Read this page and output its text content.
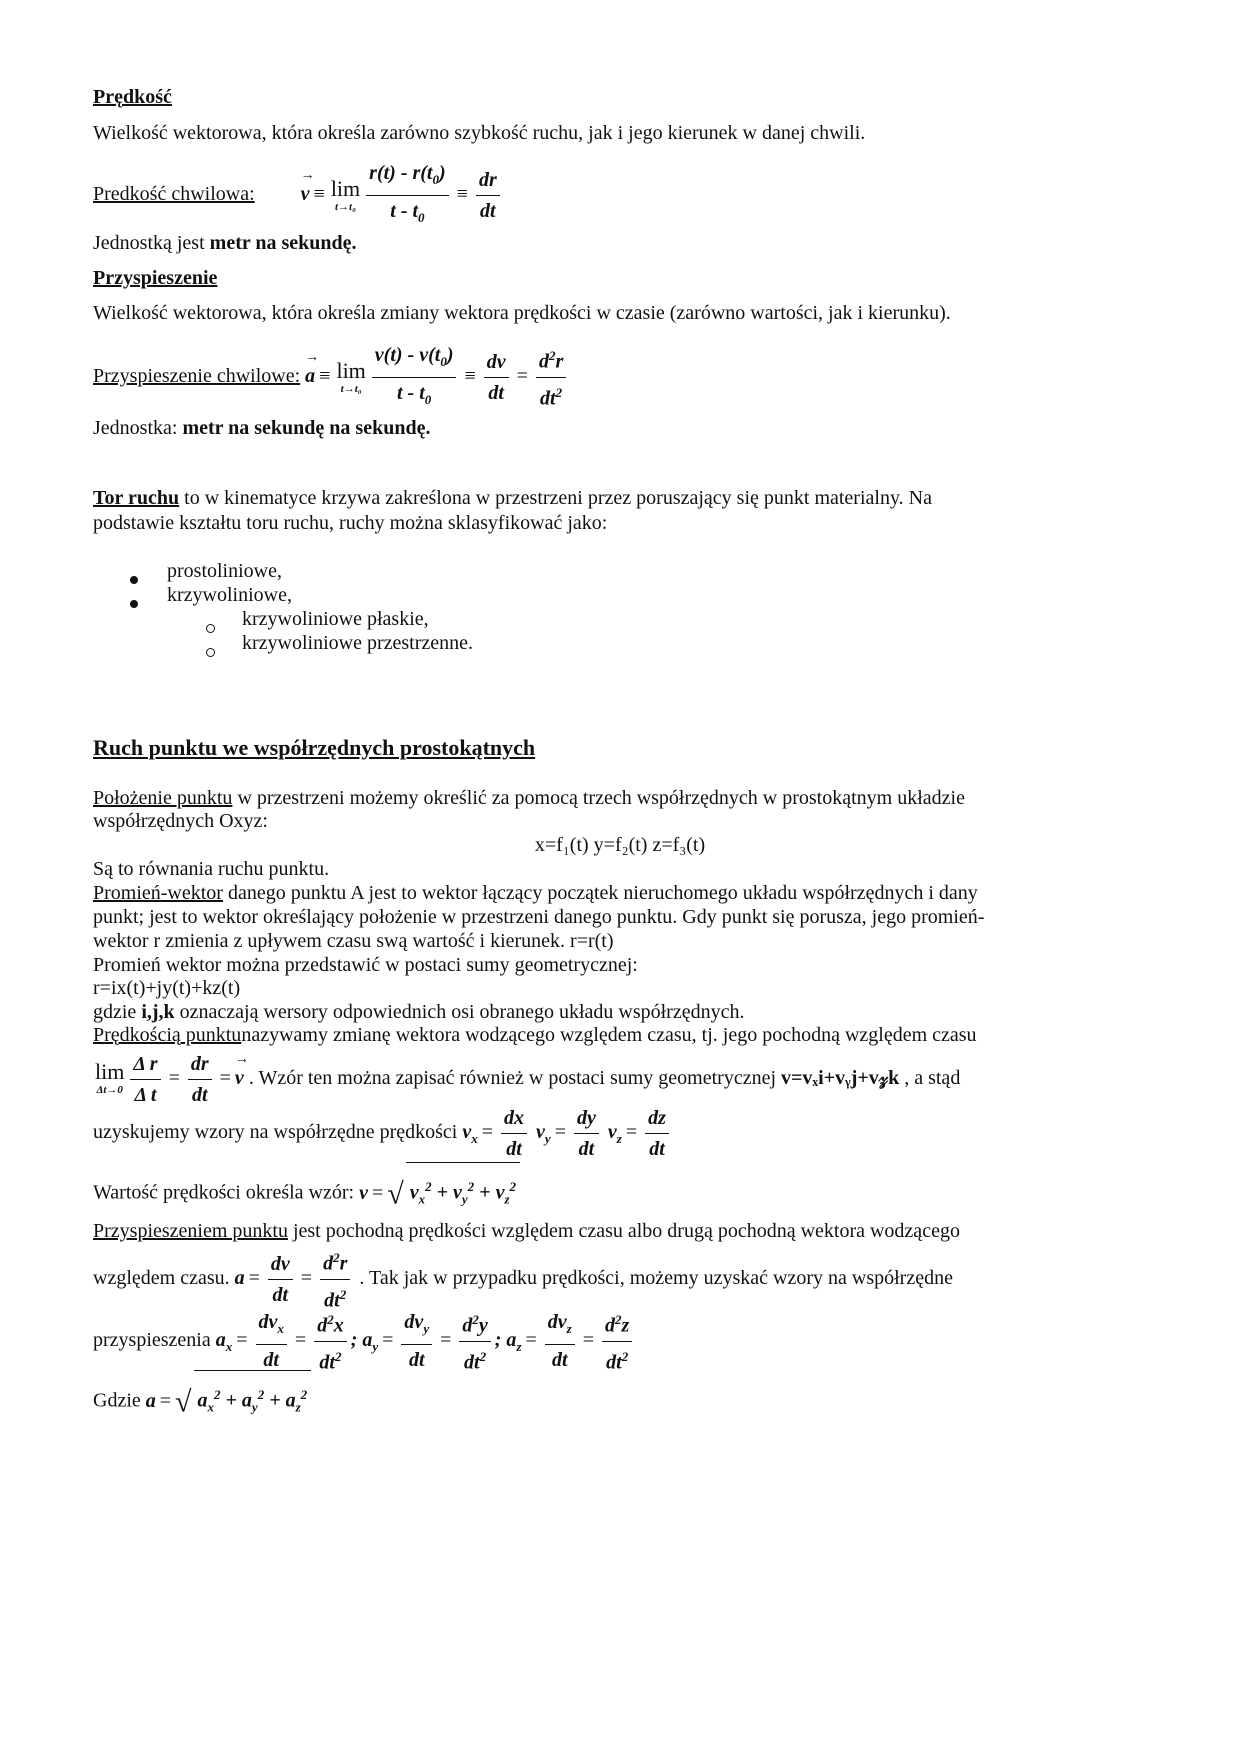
Prędkość
Wielkość wektorowa, która określa zarówno szybkość ruchu, jak i jego kierunek w danej chwili.
Predkość chwilowa:  → v ≡ lim
$t\to t_0 \frac{r(t) - r(t_0)}{t - t_0} \equiv \frac{dr}{dt}$
Jednostką jest metr na sekundę.
Przyspieszenie
Wielkość wektorowa, która określa zmiany wektora prędkości w czasie (zarówno wartości, jak i kierunku).
Przyspieszenie chwilowe: → a ≡ lim
$t\to t_0 \frac{v(t) - v(t_0)}{t - t_0} \equiv \frac{dv}{dt} = \frac{d^2r}{dt^2}$
Jednostka: metr na sekundę na sekundę.
Tor ruchu to w kinematyce krzywa zakreślona w przestrzeni przez poruszający się punkt materialny. Na
podstawie kształtu toru ruchu, ruchy można sklasyfikować jako:
prostoliniowe,
krzywoliniowe,
krzywoliniowe płaskie,
krzywoliniowe przestrzenne.
Ruch punktu we współrzędnych prostokątnych
Położenie punktu w przestrzeni możemy określić za pomocą trzech współrzędnych w prostokątnym układzie
współrzędnych Oxyz:
x=f₁(t) y=f₂(t) z=f₃(t)
Są to równania ruchu punktu.
Promień-wektor danego punktu A jest to wektor łączący początek nieruchomego układu współrzędnych i dany
punkt; jest to wektor określający położenie w przestrzeni danego punktu. Gdy punkt się porusza, jego promień-
wektor r zmienia z upływem czasu swą wartość i kierunek. r=r(t)
Promień wektor można przedstawić w postaci sumy geometrycznej:
r=ix(t)+jy(t)+kz(t)
gdzie i,j,k oznaczają wersory odpowiednich osi obranego układu współrzędnych.
Prędkością punktunazywamy zmianę wektora wodzącego względem czasu, tj. jego pochodną względem czasu
lim
$\Delta t\to 0 \frac{\text{Δ r}}{\text{Δ t}} = \frac{dr}{dt} =\to v$ . Wzór ten można zapisać również w postaci sumy geometrycznej v=vₓi+vᵧj+v𝓏k , a stąd
uzyskujemy wzory na współrzędne prędkości $v_x = \frac{dx}{dt} v_y = \frac{dy}{dt} v_z = \frac{dz}{dt}$
Wartość prędkości określa wzór: v = √ $v_x^2 + v_y^2 + v_z^2$
Przyspieszeniem punktu jest pochodną prędkości względem czasu albo drugą pochodną wektora wodzącego
względem czasu. $a = \frac{dv}{dt} = \frac{d^2r}{dt^2}$ . Tak jak w przypadku prędkości, możemy uzyskać wzory na współrzędne
przyspieszenia $a_x = \frac{dv_x}{dt} = \frac{d^2x}{dt^2}$ ; $a_y = \frac{dv_y}{dt} = \frac{d^2y}{dt^2}$ ; $a_z = \frac{dv_z}{dt} = \frac{d^2z}{dt^2}$
Gdzie a = √ $a_x^2 + a_y^2 + a_z^2$
